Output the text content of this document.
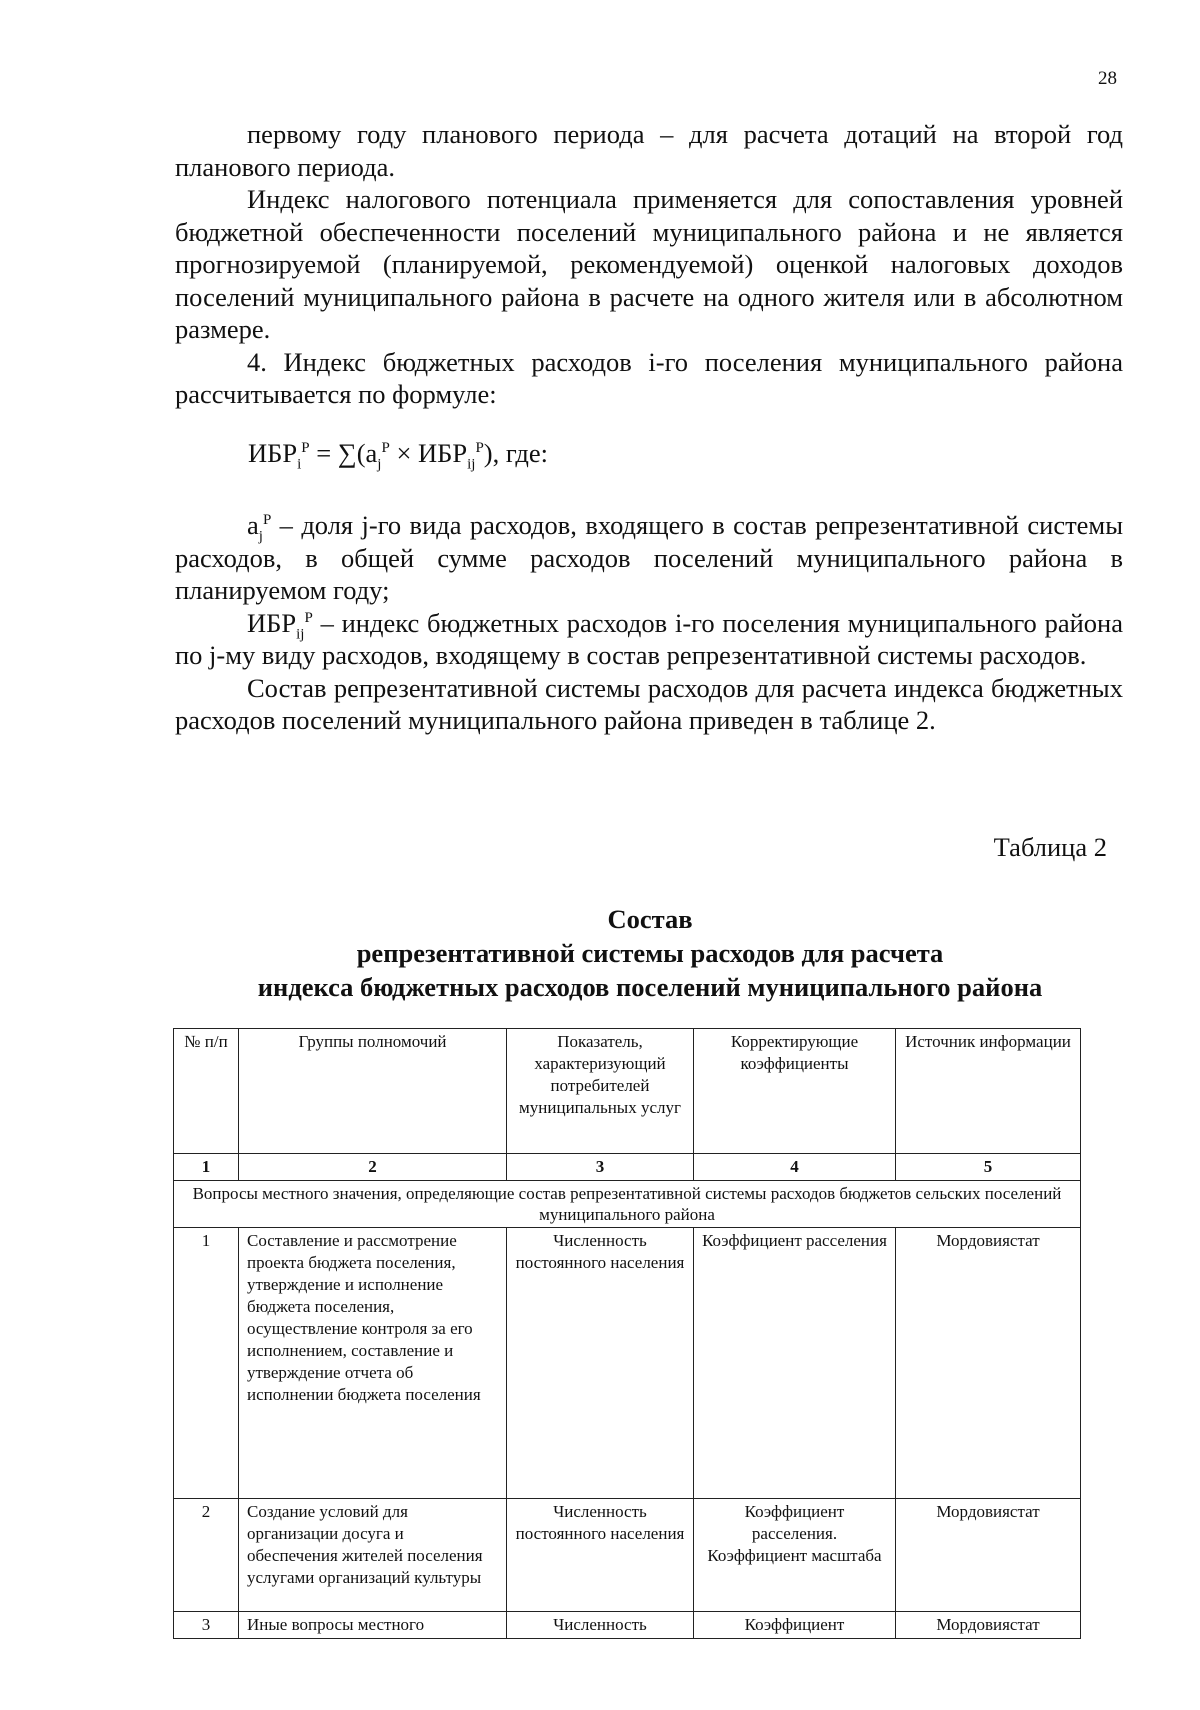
28

первому году планового периода – для расчета дотаций на второй год планового периода.

Индекс налогового потенциала применяется для сопоставления уровней бюджетной обеспеченности поселений муниципального района и не является прогнозируемой (планируемой, рекомендуемой) оценкой налоговых доходов поселений муниципального района в расчете на одного жителя или в абсолютном размере.

4. Индекс бюджетных расходов i-го поселения муниципального района рассчитывается по формуле:

$ИБР_i^Р = \sum(a_j^Р \times ИБР_{ij}^Р)$, где:

$a_j^Р$ – доля j-го вида расходов, входящего в состав репрезентативной системы расходов, в общей сумме расходов поселений муниципального района в планируемом году;

$ИБР_{ij}^Р$ – индекс бюджетных расходов i-го поселения муниципального района по j-му виду расходов, входящему в состав репрезентативной системы расходов.

Состав репрезентативной системы расходов для расчета индекса бюджетных расходов поселений муниципального района приведен в таблице 2.

Таблица 2
Состав
репрезентативной системы расходов для расчета
индекса бюджетных расходов поселений муниципального района
№ п/п	Группы полномочий	Показатель, характеризующий потребителей муниципальных услуг	Корректирующие коэффициенты	Источник информации
1	2	3	4	5
Вопросы местного значения, определяющие состав репрезентативной системы расходов бюджетов сельских поселений муниципального района				
1	Составление и рассмотрение проекта бюджета поселения, утверждение и исполнение бюджета поселения, осуществление контроля за его исполнением, составление и утверждение отчета об исполнении бюджета поселения	Численность постоянного населения	Коэффициент расселения	Мордовиястат
2	Создание условий для организации досуга и обеспечения жителей поселения услугами организаций культуры	Численность постоянного населения	Коэффициент расселения. Коэффициент масштаба	Мордовиястат
3	Иные вопросы местного	Численность	Коэффициент	Мордовиястат
